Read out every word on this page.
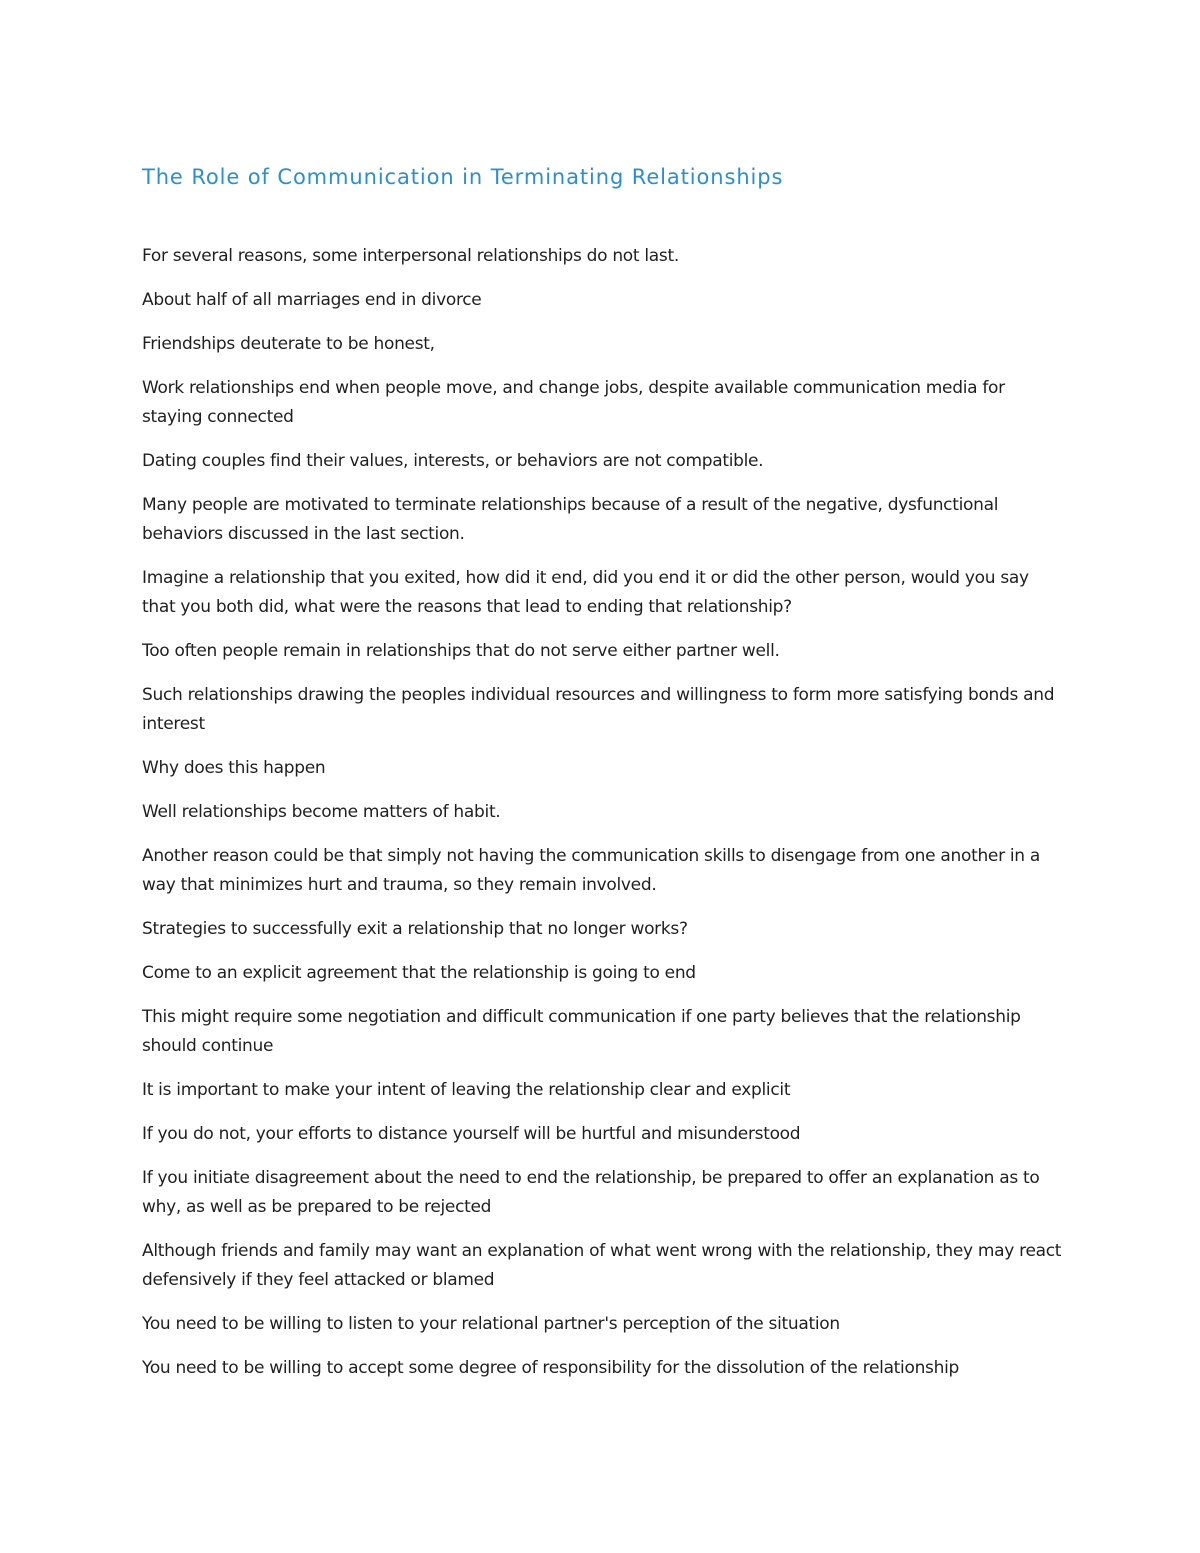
The Role of Communication in Terminating Relationships

For several reasons, some interpersonal relationships do not last.

About half of all marriages end in divorce

Friendships deuterate to be honest,

Work relationships end when people move, and change jobs, despite available communication media for staying connected

Dating couples find their values, interests, or behaviors are not compatible.

Many people are motivated to terminate relationships because of a result of the negative, dysfunctional behaviors discussed in the last section.

Imagine a relationship that you exited, how did it end, did you end it or did the other person, would you say that you both did, what were the reasons that lead to ending that relationship?

Too often people remain in relationships that do not serve either partner well.

Such relationships drawing the peoples individual resources and willingness to form more satisfying bonds and interest

Why does this happen

Well relationships become matters of habit.

Another reason could be that simply not having the communication skills to disengage from one another in a way that minimizes hurt and trauma, so they remain involved.

Strategies to successfully exit a relationship that no longer works?

Come to an explicit agreement that the relationship is going to end

This might require some negotiation and difficult communication if one party believes that the relationship should continue

It is important to make your intent of leaving the relationship clear and explicit

If you do not, your efforts to distance yourself will be hurtful and misunderstood

If you initiate disagreement about the need to end the relationship, be prepared to offer an explanation as to why, as well as be prepared to be rejected

Although friends and family may want an explanation of what went wrong with the relationship, they may react defensively if they feel attacked or blamed

You need to be willing to listen to your relational partner's perception of the situation

You need to be willing to accept some degree of responsibility for the dissolution of the relationship
